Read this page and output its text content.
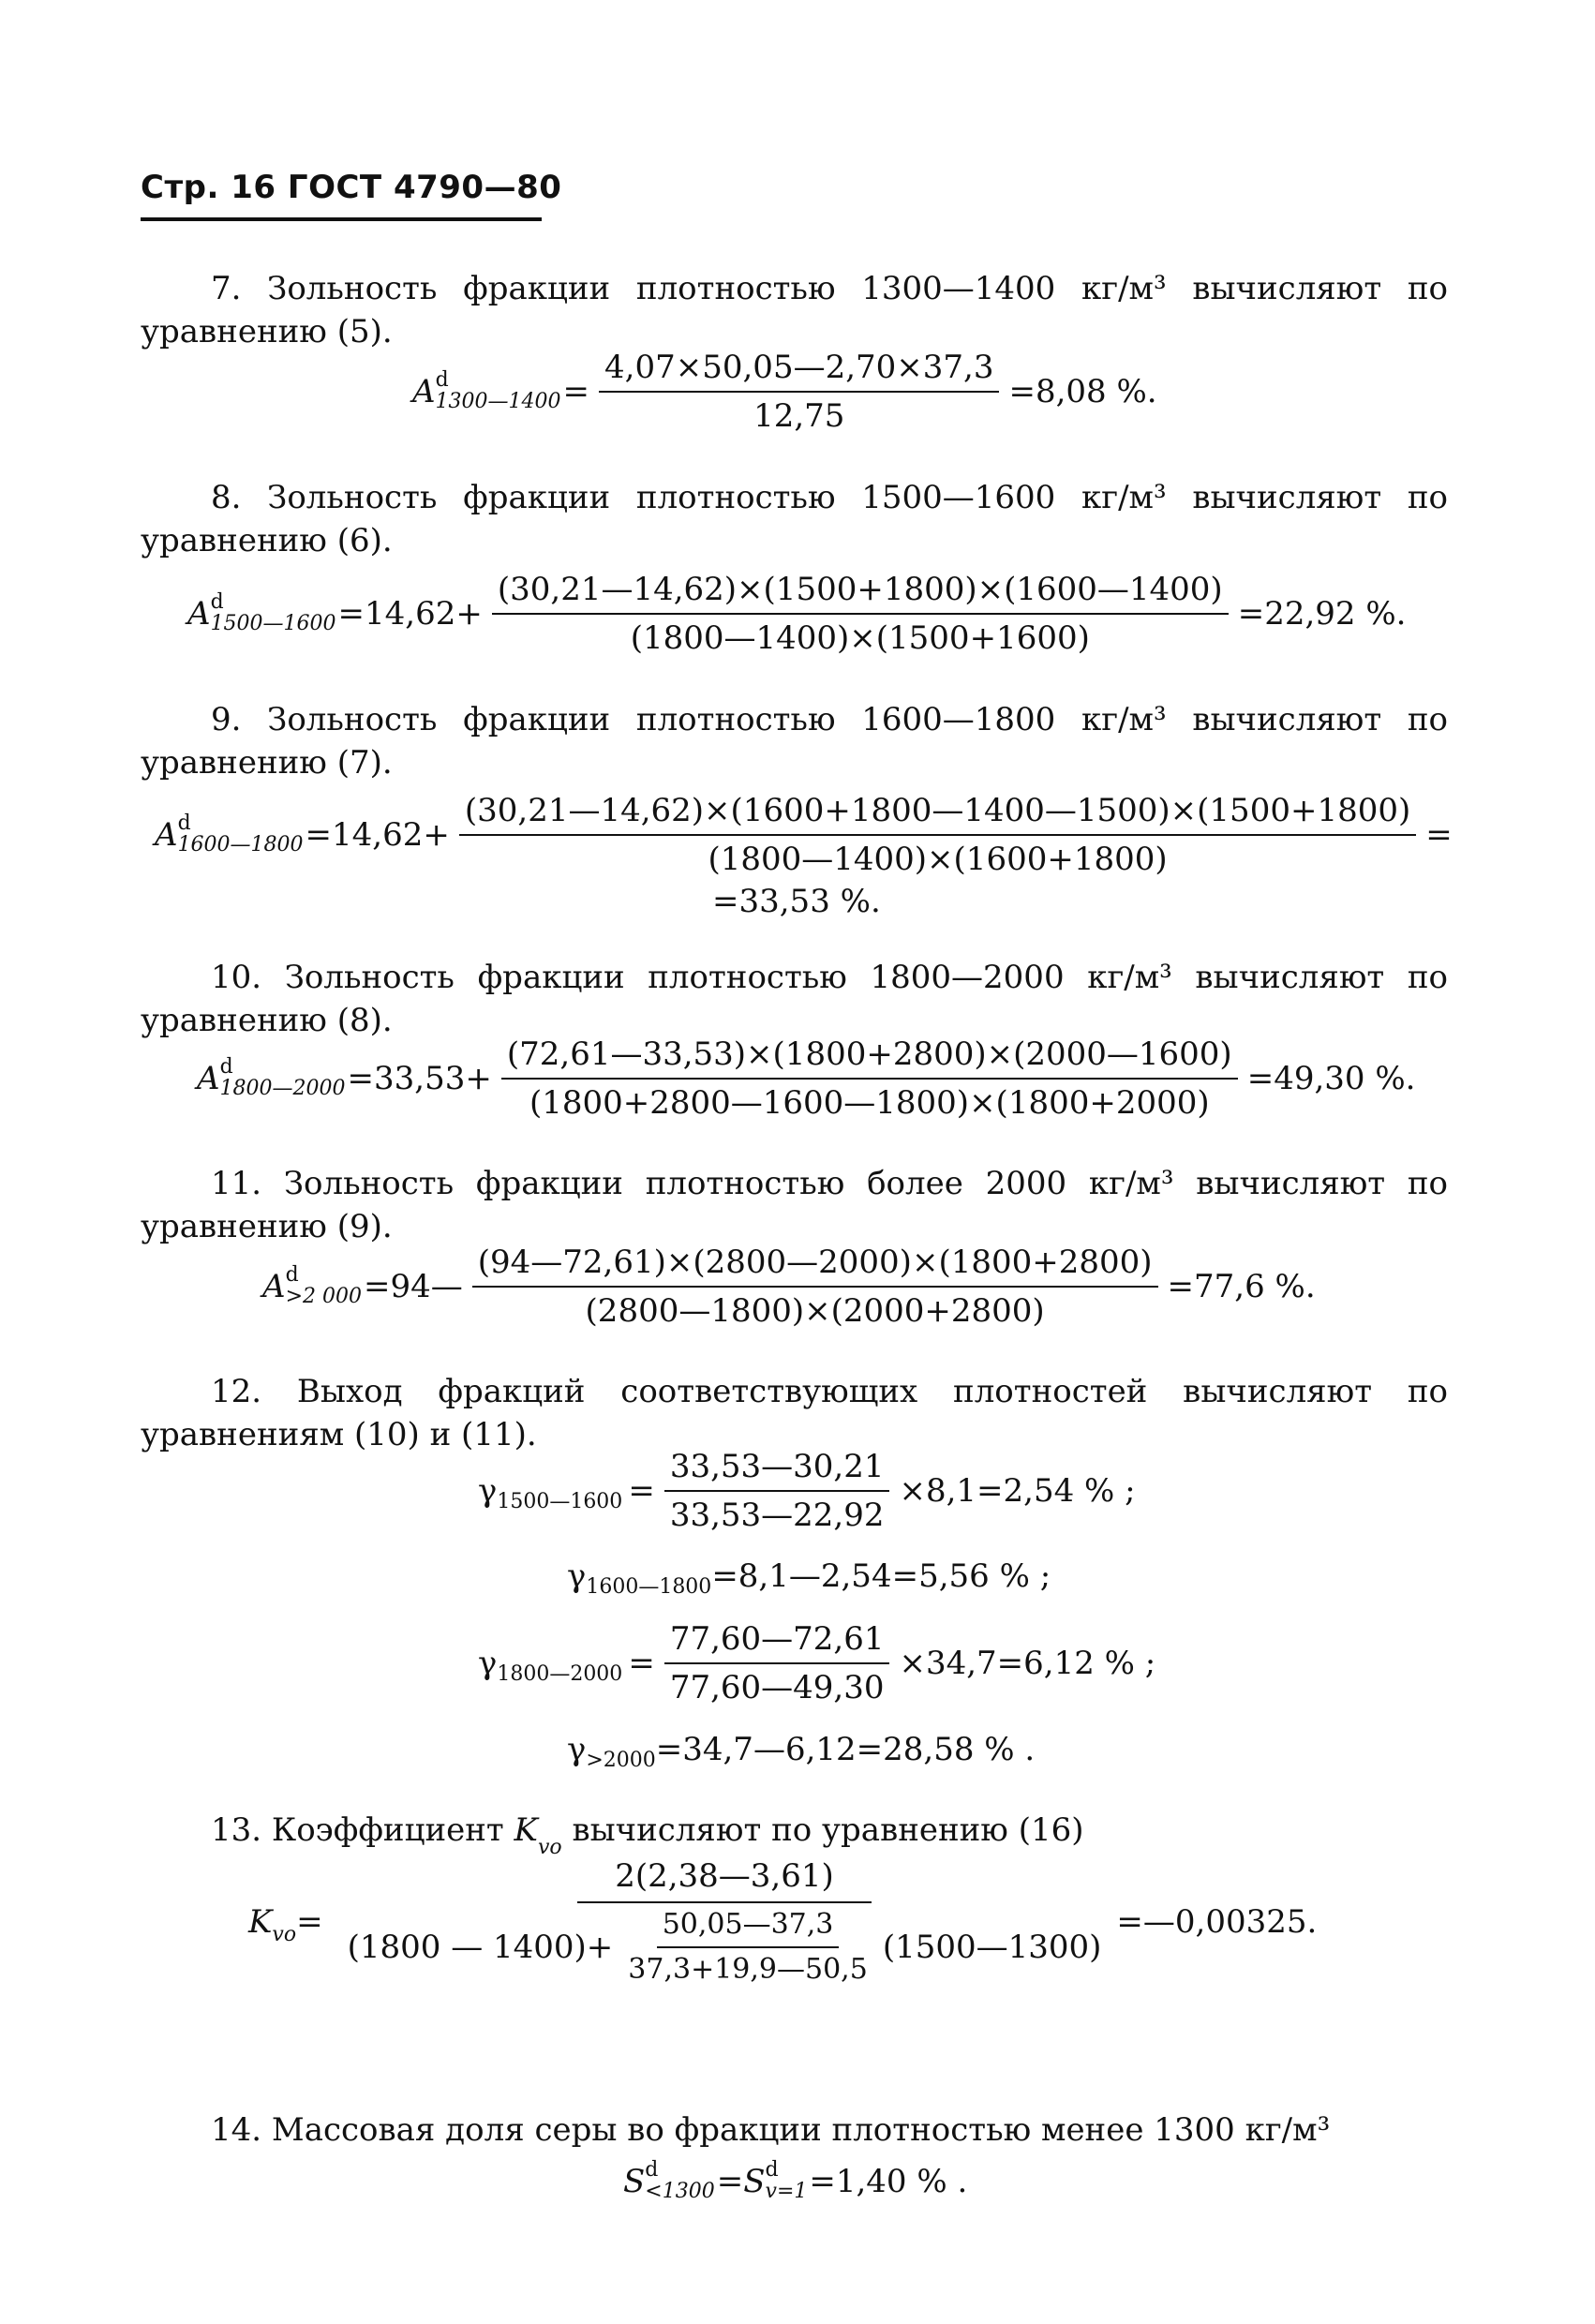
Стр. 16 ГОСТ 4790—80
7. Зольность фракции плотностью 1300—1400 кг/м³ вычисляют по уравнению (5).
A d
1300—1400 = $\frac{4,07\times 50,05—2,70\times 37,3}{12,75} =8,08$ %.
8. Зольность фракции плотностью 1500—1600 кг/м³ вычисляют по уравнению (6).
A d
1500—1600 $=14,62+ \frac{(30,21—14,62)\times(1500+1800)\times(1600—1400)}{(1800—1400)\times(1500+1600)} =22,92$ %.
9. Зольность фракции плотностью 1600—1800 кг/м³ вычисляют по уравнению (7).
A d
1600—1800 $=14,62+ \frac{(30,21—14,62)\times(1600+1800—1400—1500)\times(1500+1800)}{(1800—1400)\times(1600+1800)}$ =
=33,53 %.
10. Зольность фракции плотностью 1800—2000 кг/м³ вычисляют по уравнению (8).
A d
1800—2000 $=33,53+ \frac{(72,61—33,53)\times(1800+2800)\times(2000—1600)}{(1800+2800—1600—1800)\times(1800+2000)} =49,30$ %.
11. Зольность фракции плотностью более 2000 кг/м³ вычисляют по уравнению (9).
A d
>2 000 =94— $\frac{(94—72,61)\times(2800—2000)\times(1800+2800)}{(2800—1800)\times(2000+2800)} =77,6$ %.
12. Выход фракций соответствующих плотностей вычисляют по уравнениям (10) и (11).
γ 1500—1600 = $\frac{33,53—30,21}{33,53—22,92} \times 8,1=2,54$ % ;
γ 1600—1800 =8,1—2,54=5,56 % ;
γ 1800—2000 = $\frac{77,60—72,61}{77,60—49,30} \times 34,7=6,12$ % ;
γ >2000 =34,7—6,12=28,58 % .
13. Коэффициент $K_{vo}$ вычисляют по уравнению (16)
K vo =
2(2,38—3,61)
(1800 — $1400)+ \frac{50,05—37,3}{37,3+19,9—50,5}$ (1500—1300)
=—0,00325.
14. Массовая доля серы во фракции плотностью менее 1300 кг/м³
S d
<1300 = S d
v=1 =1,40 % .
